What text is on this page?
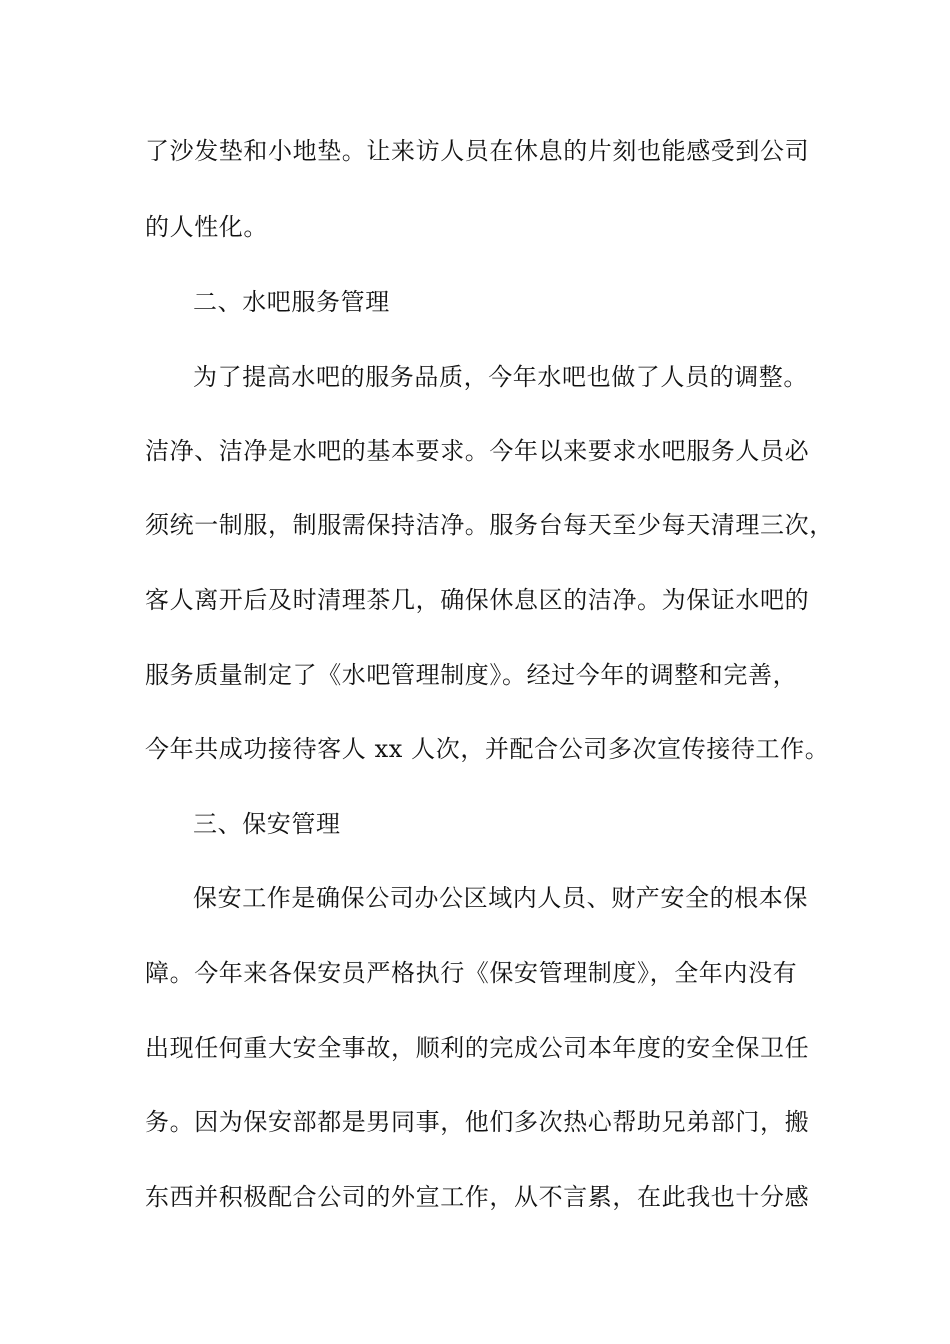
了沙发垫和小地垫。让来访人员在休息的片刻也能感受到公司
的人性化。
二、水吧服务管理
为了提高水吧的服务品质，今年水吧也做了人员的调整。
洁净、洁净是水吧的基本要求。今年以来要求水吧服务人员必
须统一制服，制服需保持洁净。服务台每天至少每天清理三次，
客人离开后及时清理茶几，确保休息区的洁净。为保证水吧的
服务质量制定了《水吧管理制度》。经过今年的调整和完善，
今年共成功接待客人 xx 人次，并配合公司多次宣传接待工作。
三、保安管理
保安工作是确保公司办公区域内人员、财产安全的根本保
障。今年来各保安员严格执行《保安管理制度》，全年内没有
出现任何重大安全事故，顺利的完成公司本年度的安全保卫任
务。因为保安部都是男同事，他们多次热心帮助兄弟部门，搬
东西并积极配合公司的外宣工作，从不言累，在此我也十分感
